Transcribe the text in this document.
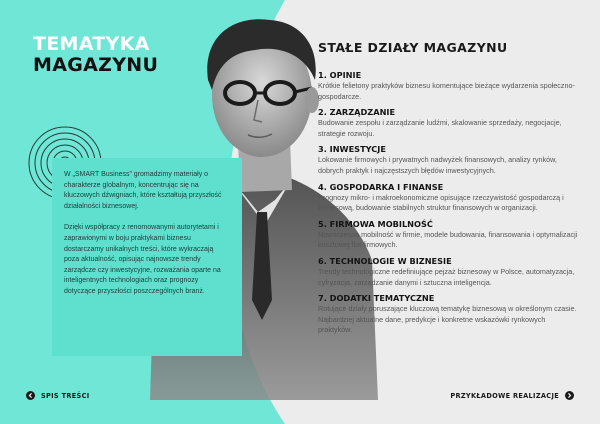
TEMATYKA
MAGAZYNU

W „SMART Business” gromadzimy materiały o charakterze globalnym, koncentrując się na kluczowych dźwigniach, które kształtują przyszłość działalności biznesowej.

Dzięki współpracy z renomowanymi autorytetami i zaprawionymi w boju praktykami biznesu dostarczamy unikalnych treści, które wykraczają poza aktualność, opisując najnowsze trendy zarządcze czy inwestycyjne, rozważania oparte na inteligentnych technologiach oraz prognozy dotyczące przyszłości poszczególnych branż.

STAŁE DZIAŁY MAGAZYNU
1. OPINIE
Krótkie felietony praktyków biznesu komentujące bieżące wydarzenia społeczno-gospodarcze.
2. ZARZĄDZANIE
Budowanie zespołu i zarządzanie ludźmi, skalowanie sprzedaży, negocjacje, strategie rozwoju.
3. INWESTYCJE
Lokowanie firmowych i prywatnych nadwyżek finansowych, analizy rynków, dobrych praktyk i najczęstszych błędów inwestycyjnych.
4. GOSPODARKA I FINANSE
Prognozy mikro- i makroekonomiczne opisujące rzeczywistość gospodarczą i biznesową, budowanie stabilnych struktur finansowych w organizacji.
5. FIRMOWA MOBILNOŚĆ
Nowoczesna mobilność w firmie, modele budowania, finansowania i optymalizacji kosztowej flot firmowych.
6. TECHNOLOGIE W BIZNESIE
Trendy technologiczne redefiniujące pejzaż biznesowy w Polsce, automatyzacja, cyfryzacja, zarządzanie danymi i sztuczna inteligencja.
7. DODATKI TEMATYCZNE
Rotujące działy poruszające kluczową tematykę biznesową w określonym czasie. Najbardziej aktualne dane, predykcje i konkretne wskazówki rynkowych praktyków.
SPIS TREŚCI	PRZYKŁADOWE REALIZACJE
